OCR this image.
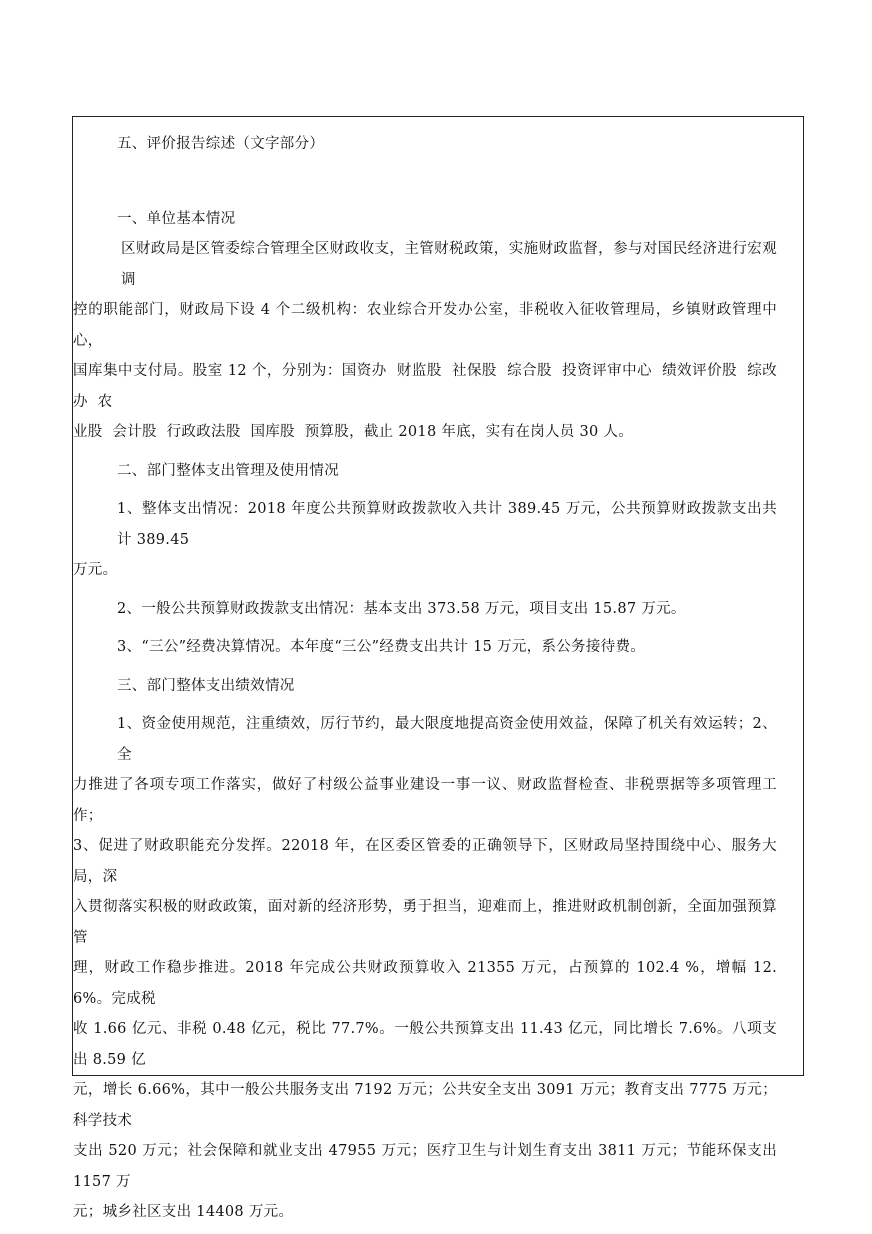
五、评价报告综述（文字部分）

一、单位基本情况

区财政局是区管委综合管理全区财政收支，主管财税政策，实施财政监督，参与对国民经济进行宏观调

控的职能部门，财政局下设 4 个二级机构：农业综合开发办公室，非税收入征收管理局，乡镇财政管理中心，

国库集中支付局。股室 12 个，分别为：国资办  财监股  社保股  综合股  投资评审中心  绩效评价股  综改办  农

业股  会计股  行政政法股  国库股  预算股，截止 2018 年底，实有在岗人员 30 人。

二、部门整体支出管理及使用情况

1、整体支出情况：2018 年度公共预算财政拨款收入共计 389.45 万元，公共预算财政拨款支出共计 389.45

万元。

2、一般公共预算财政拨款支出情况：基本支出 373.58 万元，项目支出 15.87 万元。

3、“三公”经费决算情况。本年度“三公”经费支出共计 15 万元，系公务接待费。

三、部门整体支出绩效情况

1、资金使用规范，注重绩效，厉行节约，最大限度地提高资金使用效益，保障了机关有效运转；2、全

力推进了各项专项工作落实，做好了村级公益事业建设一事一议、财政监督检查、非税票据等多项管理工作；

3、促进了财政职能充分发挥。22018 年，在区委区管委的正确领导下，区财政局坚持围绕中心、服务大局，深

入贯彻落实积极的财政政策，面对新的经济形势，勇于担当，迎难而上，推进财政机制创新，全面加强预算管

理，财政工作稳步推进。2018 年完成公共财政预算收入 21355 万元，占预算的 102.4 %，增幅 12.6%。完成税

收 1.66 亿元、非税 0.48 亿元，税比 77.7%。一般公共预算支出 11.43 亿元，同比增长 7.6%。八项支出 8.59 亿

元，增长 6.66%，其中一般公共服务支出 7192 万元；公共安全支出 3091 万元；教育支出 7775 万元；科学技术

支出 520 万元；社会保障和就业支出 47955 万元；医疗卫生与计划生育支出 3811 万元；节能环保支出 1157 万

元；城乡社区支出 14408 万元。
